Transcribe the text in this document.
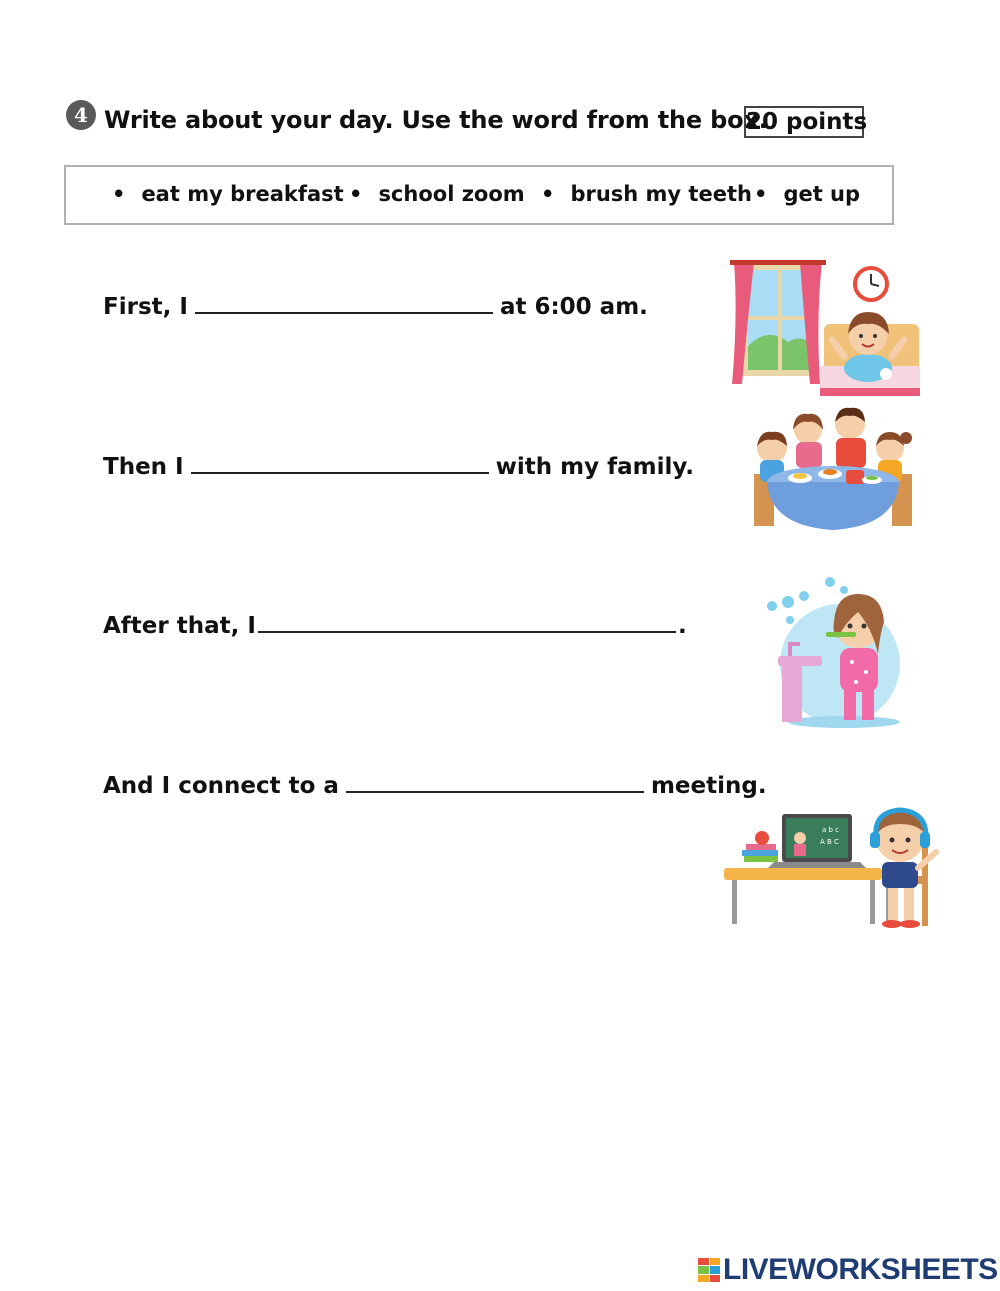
4 Write about your day. Use the word from the box.
20 points
• eat my breakfast • school zoom • brush my teeth • get up
First, I	at 6:00 am.
Then I	with my family.
After that, I	.
And I connect to a	meeting.
a b c
A B C
LIVEWORKSHEETS
